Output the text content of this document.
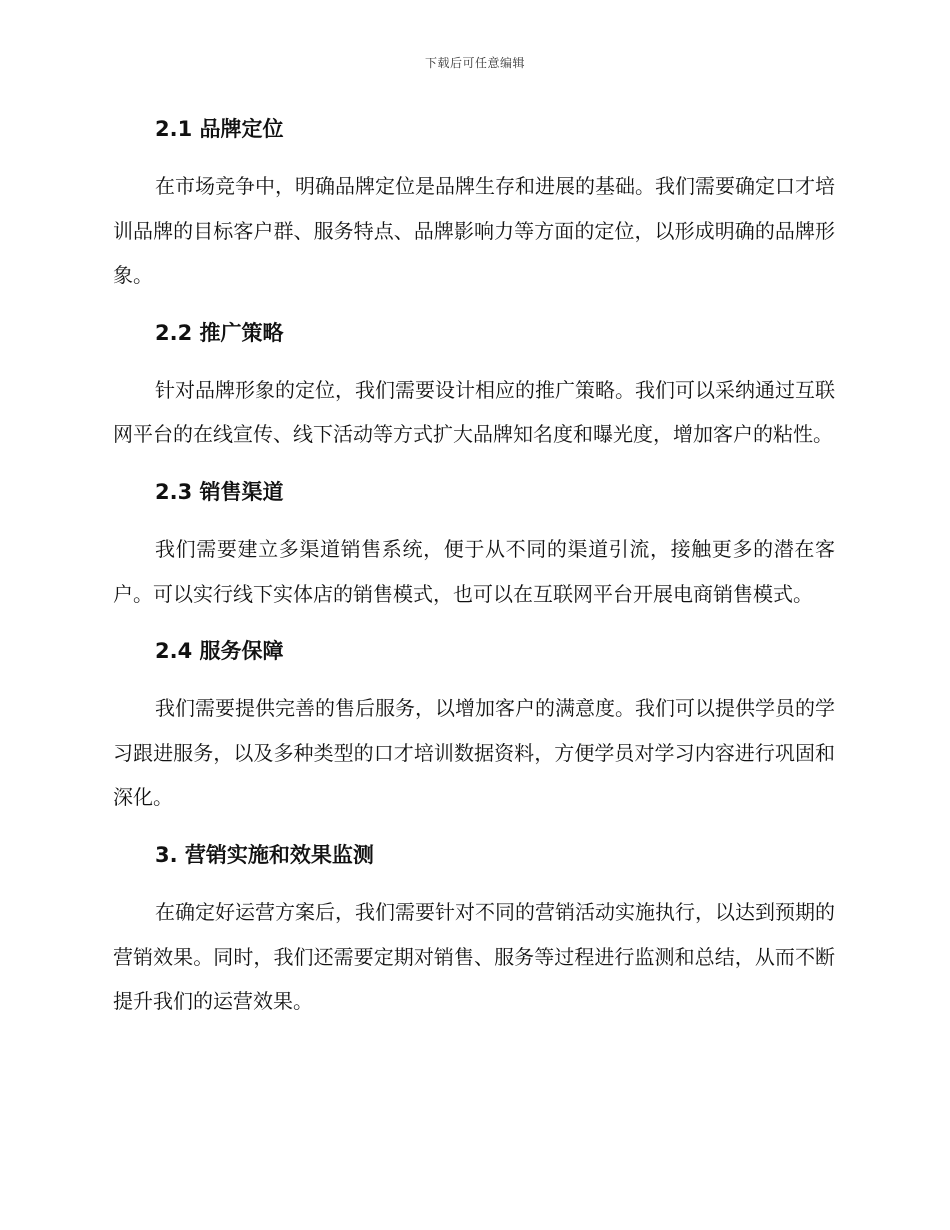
下载后可任意编辑
2.1 品牌定位
在市场竞争中，明确品牌定位是品牌生存和进展的基础。我们需要确定口才培训品牌的目标客户群、服务特点、品牌影响力等方面的定位，以形成明确的品牌形象。
2.2 推广策略
针对品牌形象的定位，我们需要设计相应的推广策略。我们可以采纳通过互联网平台的在线宣传、线下活动等方式扩大品牌知名度和曝光度，增加客户的粘性。
2.3 销售渠道
我们需要建立多渠道销售系统，便于从不同的渠道引流，接触更多的潜在客户。可以实行线下实体店的销售模式，也可以在互联网平台开展电商销售模式。
2.4 服务保障
我们需要提供完善的售后服务，以增加客户的满意度。我们可以提供学员的学习跟进服务，以及多种类型的口才培训数据资料，方便学员对学习内容进行巩固和深化。
3. 营销实施和效果监测
在确定好运营方案后，我们需要针对不同的营销活动实施执行，以达到预期的营销效果。同时，我们还需要定期对销售、服务等过程进行监测和总结，从而不断提升我们的运营效果。
